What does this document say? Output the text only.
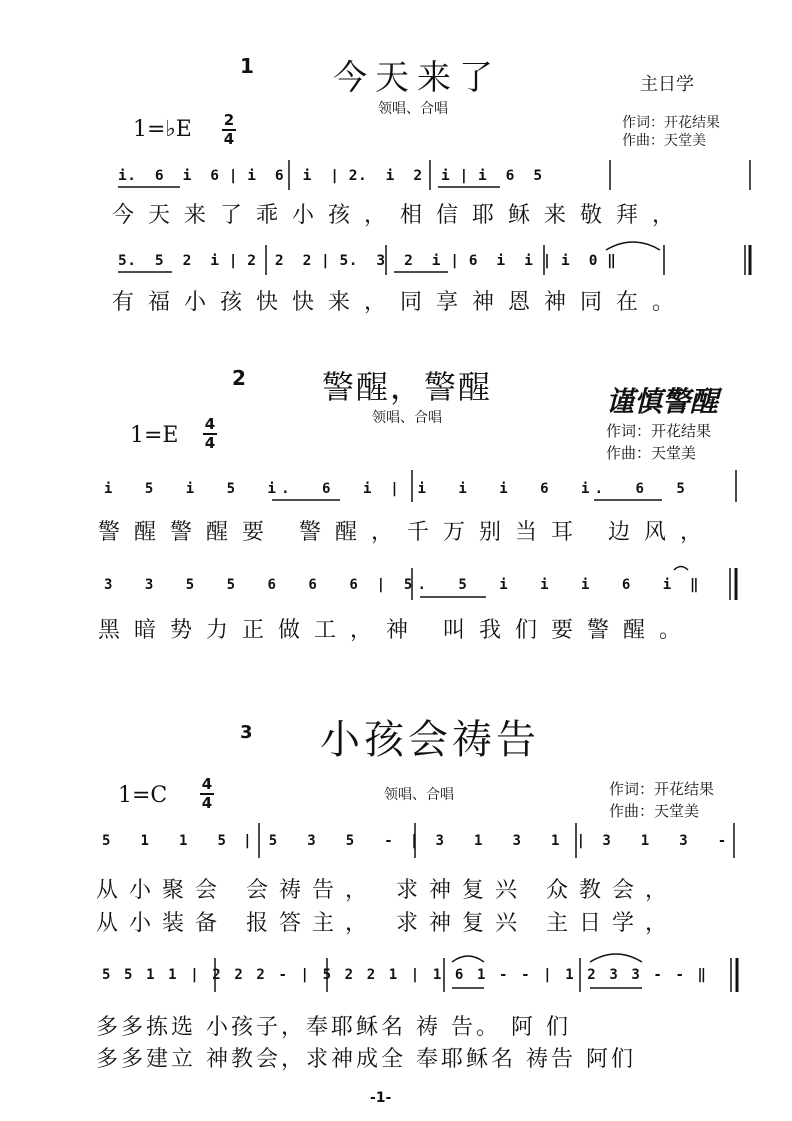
1 今天来了	主日学
领唱、合唱
1=♭E 2
4
作词：开花结果
作曲：天堂美
i.  6  i  6 | i  6  i  | 2.  i  2  i | i  6  5
今天来了乖小孩，相信耶稣来敬拜，
5.  5  2  i | 2  2  2 | 5.  3  2  i | 6  i  i | i  0 ‖
有福小孩快快来，同享神恩神同在。
2 警醒，警醒	谨慎警醒
领唱、合唱
1=E 4
4
作词：开花结果
作曲：天堂美
i  5  i  5  i.  6  i | i  i  i  6  i.  6  5
警醒警醒要 警醒，千万别当耳 边风，
3  3  5  5  6  6  6 | 5.  5  i  i  i  6  i ‖
黑暗势力正做工，神 叫我们要警醒。
3 小孩会祷告
领唱、合唱
1=C 4
4
作词：开花结果
作曲：天堂美
5  1  1  5 | 5  3  5  - | 3  1  3  1 | 3  1  3  -
从小聚会 会祷告， 求神复兴 众教会，
从小装备 报答主， 求神复兴 主日学，
5 5 1 1 | 2 2 2 - | 5 2 2 1 | 1 6 1 - - | 1 2 3 3 - - ‖
多多拣选 小孩子，奉耶稣名 祷 告。 阿 们
多多建立 神教会，求神成全 奉耶稣名 祷告 阿们
-1-
